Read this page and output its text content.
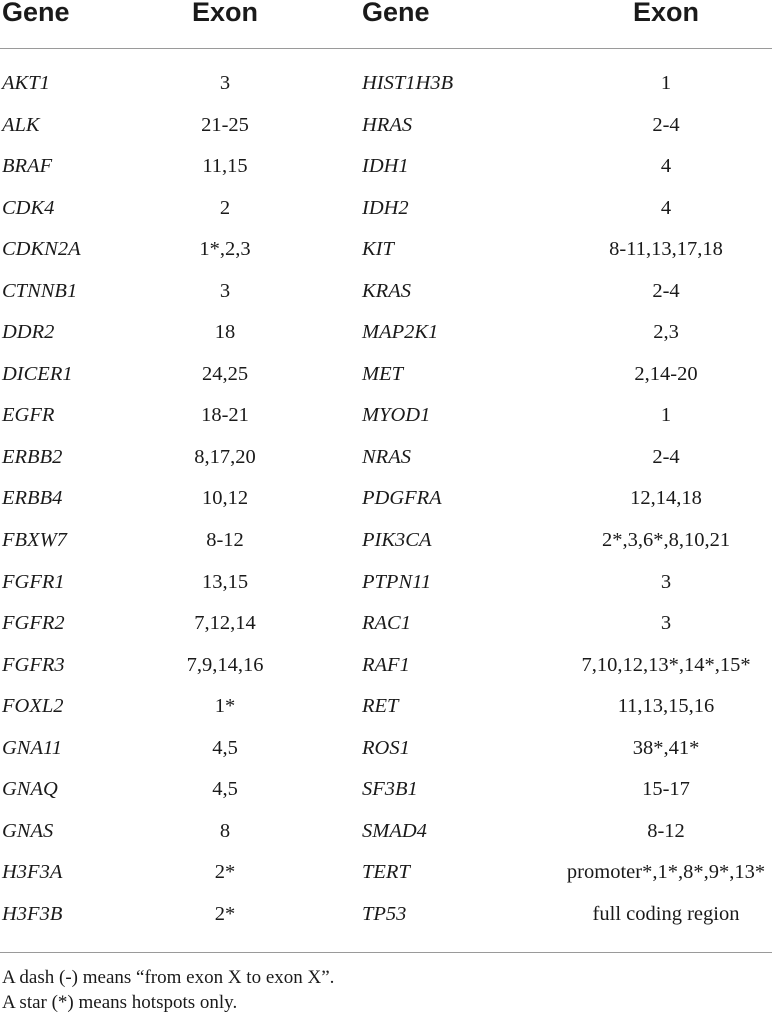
Gene	Exon	Gene	Exon
AKT1	3	HIST1H3B	1
ALK	21-25	HRAS	2-4
BRAF	11,15	IDH1	4
CDK4	2	IDH2	4
CDKN2A	1*,2,3	KIT	8-11,13,17,18
CTNNB1	3	KRAS	2-4
DDR2	18	MAP2K1	2,3
DICER1	24,25	MET	2,14-20
EGFR	18-21	MYOD1	1
ERBB2	8,17,20	NRAS	2-4
ERBB4	10,12	PDGFRA	12,14,18
FBXW7	8-12	PIK3CA	2*,3,6*,8,10,21
FGFR1	13,15	PTPN11	3
FGFR2	7,12,14	RAC1	3
FGFR3	7,9,14,16	RAF1	7,10,12,13*,14*,15*
FOXL2	1*	RET	11,13,15,16
GNA11	4,5	ROS1	38*,41*
GNAQ	4,5	SF3B1	15-17
GNAS	8	SMAD4	8-12
H3F3A	2*	TERT	promoter*,1*,8*,9*,13*
H3F3B	2*	TP53	full coding region
A dash (-) means “from exon X to exon X”.
A star (*) means hotspots only.
